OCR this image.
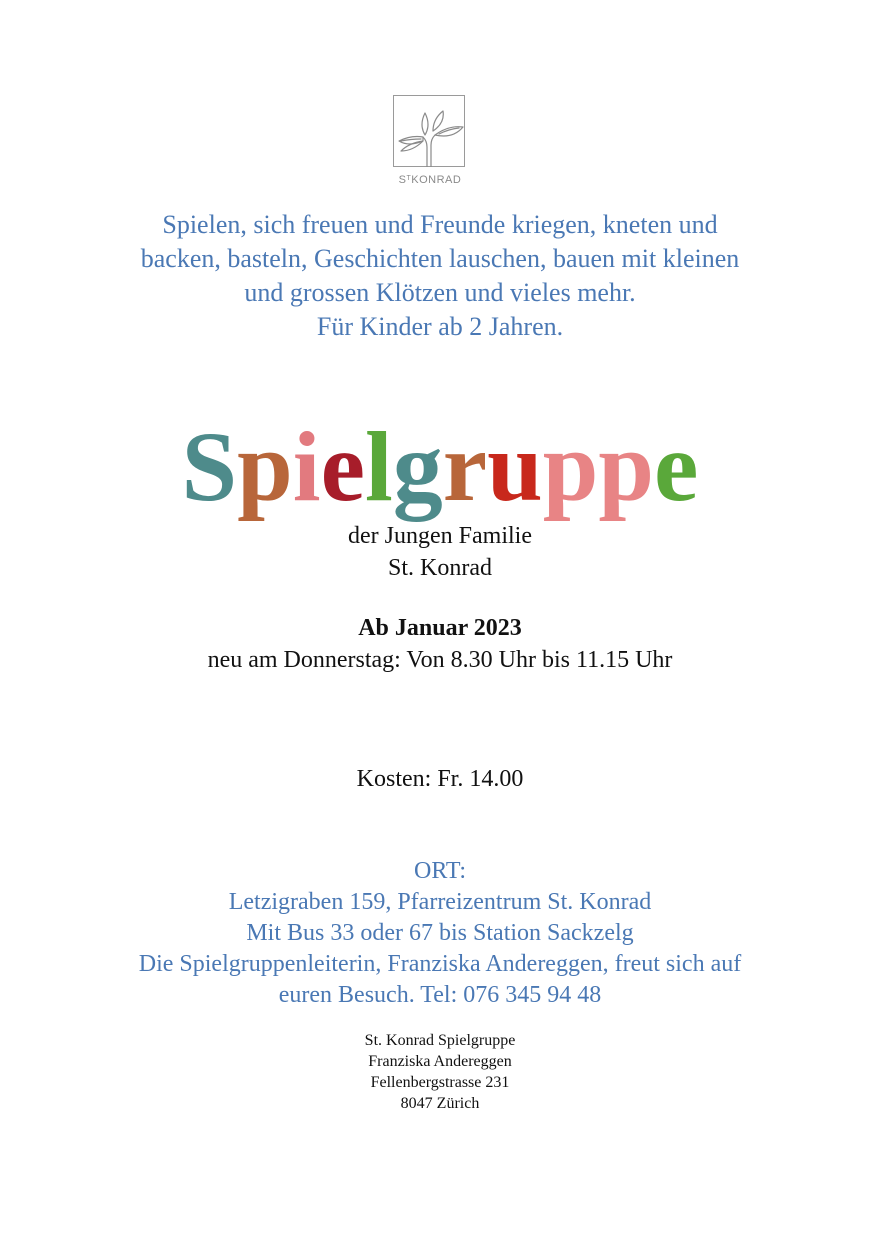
$S^TKONRAD$

Spielen, sich freuen und Freunde kriegen, kneten und

backen, basteln, Geschichten lauschen, bauen mit kleinen

und grossen Klötzen und vieles mehr.

Für Kinder ab 2 Jahren.

Spielgruppe

der Jungen Familie

St. Konrad

Ab Januar 2023

neu am Donnerstag: Von 8.30 Uhr bis 11.15 Uhr

Kosten: Fr. 14.00

ORT:

Letzigraben 159, Pfarreizentrum St. Konrad

Mit Bus 33 oder 67 bis Station Sackzelg

Die Spielgruppenleiterin, Franziska Andereggen, freut sich auf

euren Besuch. Tel: 076 345 94 48

St. Konrad Spielgruppe

Franziska Andereggen

Fellenbergstrasse 231

8047 Zürich
